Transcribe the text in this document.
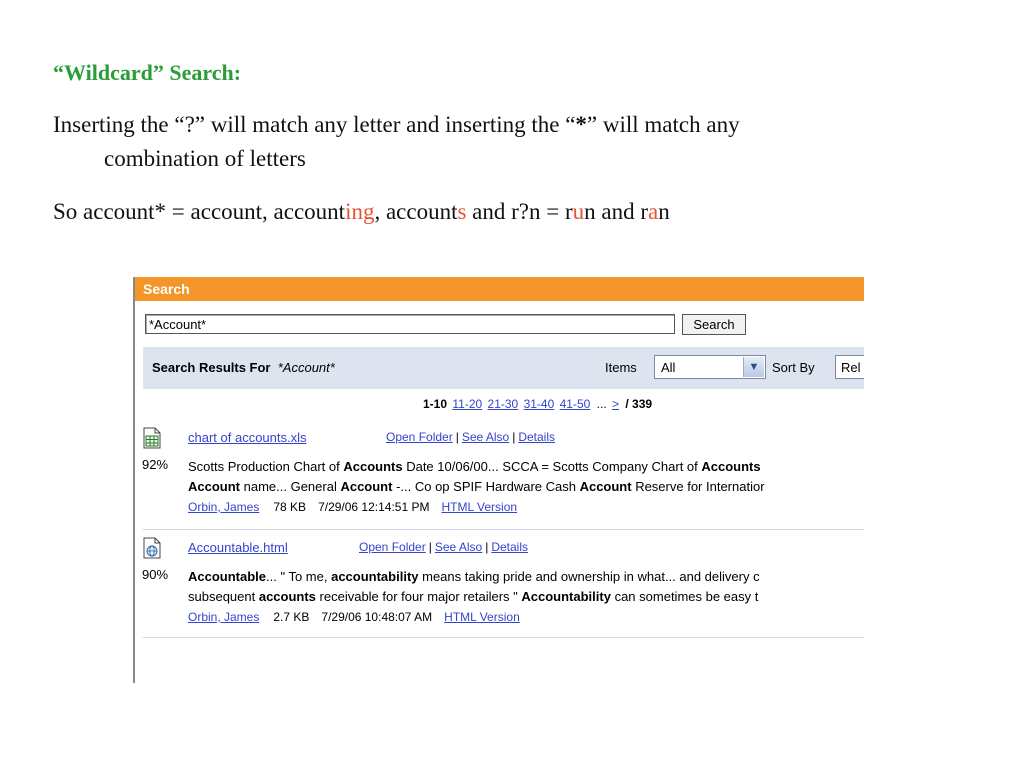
“Wildcard” Search:
Inserting the “?” will match any letter and inserting the “*” will match any
combination of letters
So account* = account, accounting, accounts and r?n = run and ran
Search
*Account*
Search
Search Results For *Account*	Items All	▼ Sort By Rel
1-10 11-20 21-30 31-40 41-50 ... > / 339
92%
chart of accounts.xls	Open Folder | See Also | Details
Scotts Production Chart of Accounts Date 10/06/00... SCCA = Scotts Company Chart of Accounts
Account name... General Account -... Co op SPIF Hardware Cash Account Reserve for Internatior
Orbin, James 78 KB 7/29/06 12:14:51 PM HTML Version
90%
Accountable.html	Open Folder | See Also | Details
Accountable... " To me, accountability means taking pride and ownership in what... and delivery c
subsequent accounts receivable for four major retailers " Accountability can sometimes be easy t
Orbin, James 2.7 KB 7/29/06 10:48:07 AM HTML Version
